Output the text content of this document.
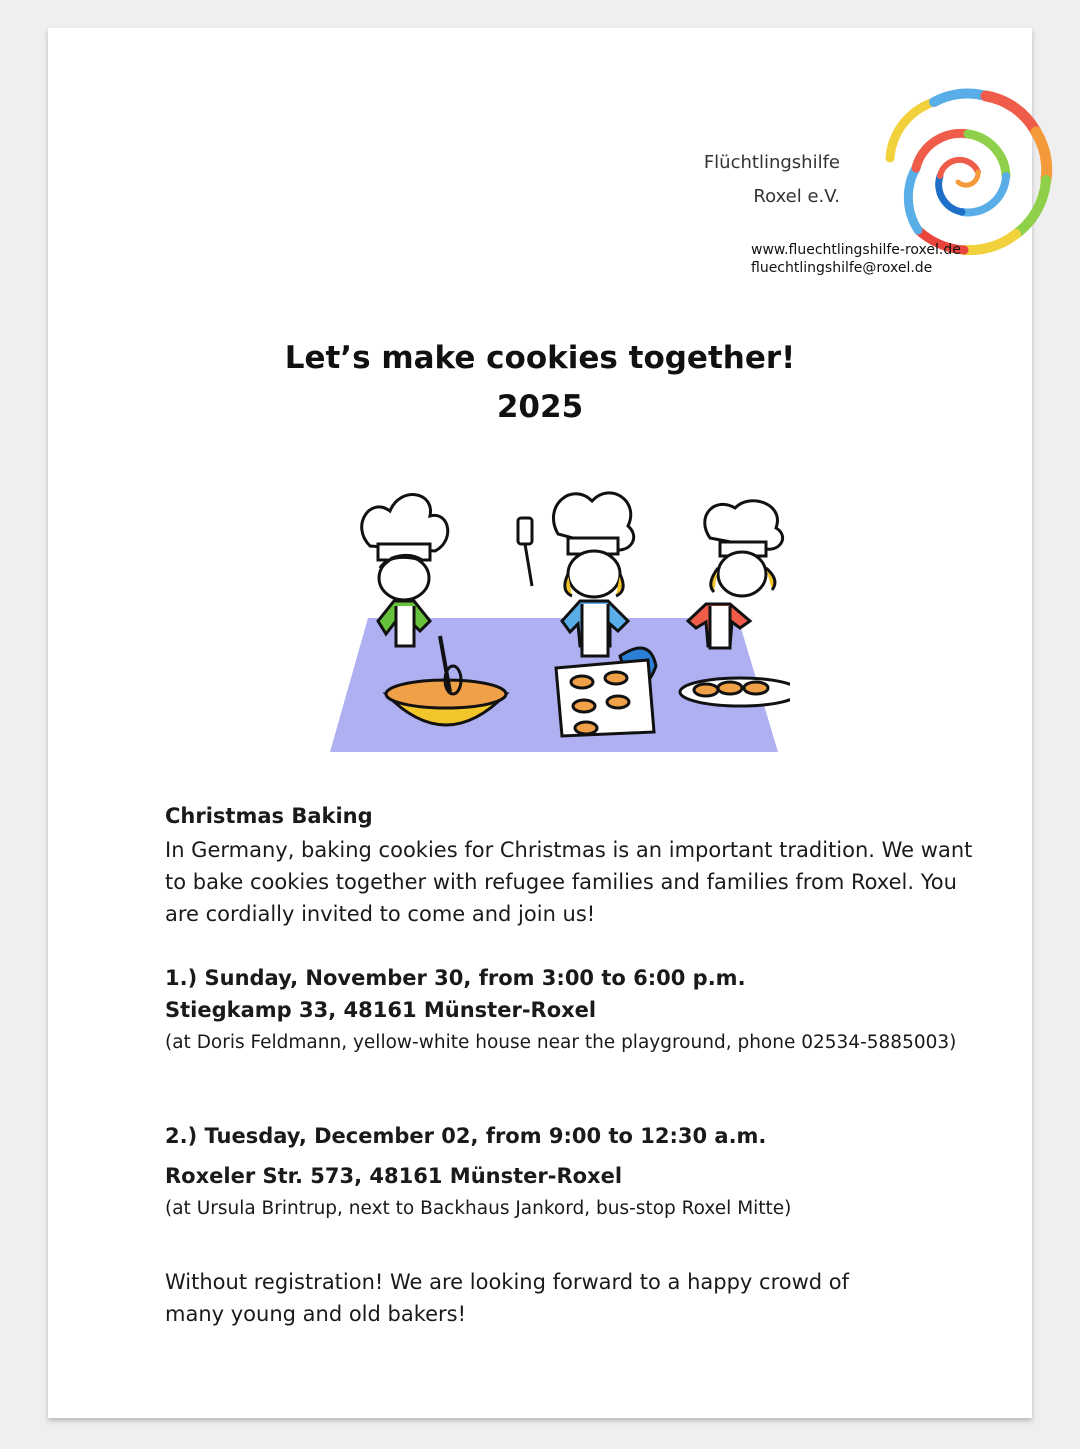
Flüchtlingshilfe
Roxel e.V.
www.fluechtlingshilfe-roxel.de
fluechtlingshilfe@roxel.de
Let’s make cookies together!
2025

Christmas Baking

In Germany, baking cookies for Christmas is an important tradition. We want to bake cookies together with refugee families and families from Roxel. You are cordially invited to come and join us!

1.) Sunday, November 30, from 3:00 to 6:00 p.m.

Stiegkamp 33, 48161 Münster-Roxel

(at Doris Feldmann, yellow-white house near the playground, phone 02534-5885003)

2.) Tuesday, December 02, from 9:00 to 12:30 a.m.

Roxeler Str. 573, 48161 Münster-Roxel

(at Ursula Brintrup, next to Backhaus Jankord, bus-stop Roxel Mitte)

Without registration! We are looking forward to a happy crowd of many young and old bakers!
